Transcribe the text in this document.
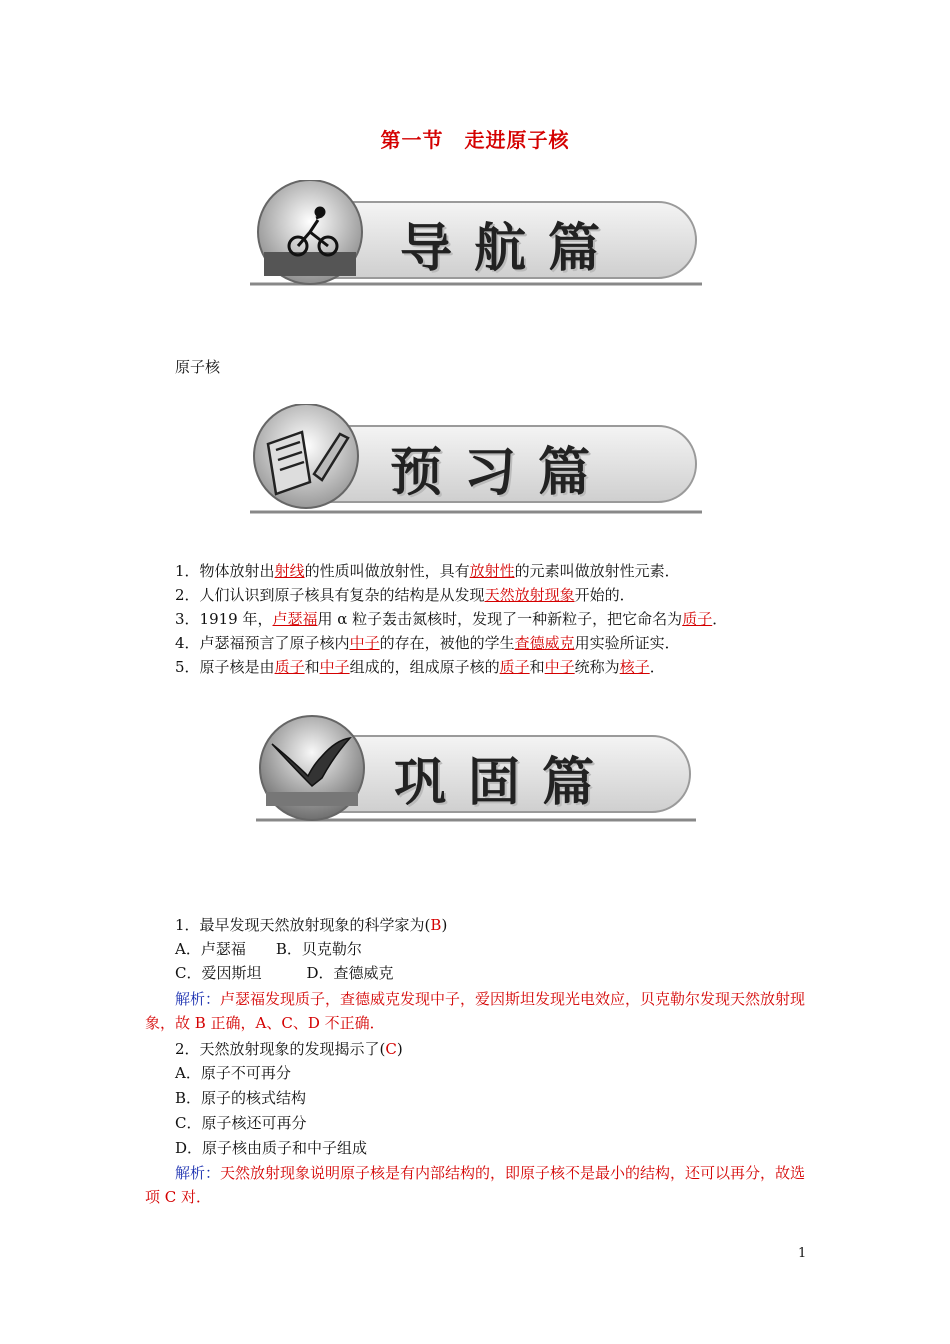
第一节　走进原子核
导航篇
原子核
预习篇
1．物体放射出射线的性质叫做放射性，具有放射性的元素叫做放射性元素．
2．人们认识到原子核具有复杂的结构是从发现天然放射现象开始的．
3．1919 年，卢瑟福用 α 粒子轰击氮核时，发现了一种新粒子，把它命名为质子．
4．卢瑟福预言了原子核内中子的存在，被他的学生查德威克用实验所证实．
5．原子核是由质子和中子组成的，组成原子核的质子和中子统称为核子．
巩固篇
1．最早发现天然放射现象的科学家为(B)
A．卢瑟福　　B．贝克勒尔
C．爱因斯坦　　　D．查德威克
解析：卢瑟福发现质子，查德威克发现中子，爱因斯坦发现光电效应，贝克勒尔发现天然放射现象，故 B 正确，A、C、D 不正确．
2．天然放射现象的发现揭示了(C)
A．原子不可再分
B．原子的核式结构
C．原子核还可再分
D．原子核由质子和中子组成
解析：天然放射现象说明原子核是有内部结构的，即原子核不是最小的结构，还可以再分，故选项 C 对．
1
